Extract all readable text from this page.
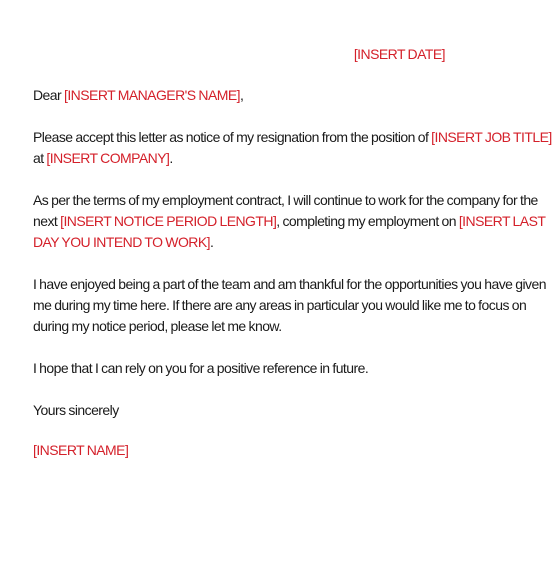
[INSERT DATE]

Dear [INSERT MANAGER'S NAME],

Please accept this letter as notice of my resignation from the position of [INSERT JOB TITLE]
at [INSERT COMPANY].

As per the terms of my employment contract, I will continue to work for the company for the
next [INSERT NOTICE PERIOD LENGTH], completing my employment on [INSERT LAST
DAY YOU INTEND TO WORK].

I have enjoyed being a part of the team and am thankful for the opportunities you have given
me during my time here. If there are any areas in particular you would like me to focus on
during my notice period, please let me know.

I hope that I can rely on you for a positive reference in future.

Yours sincerely

[INSERT NAME]
